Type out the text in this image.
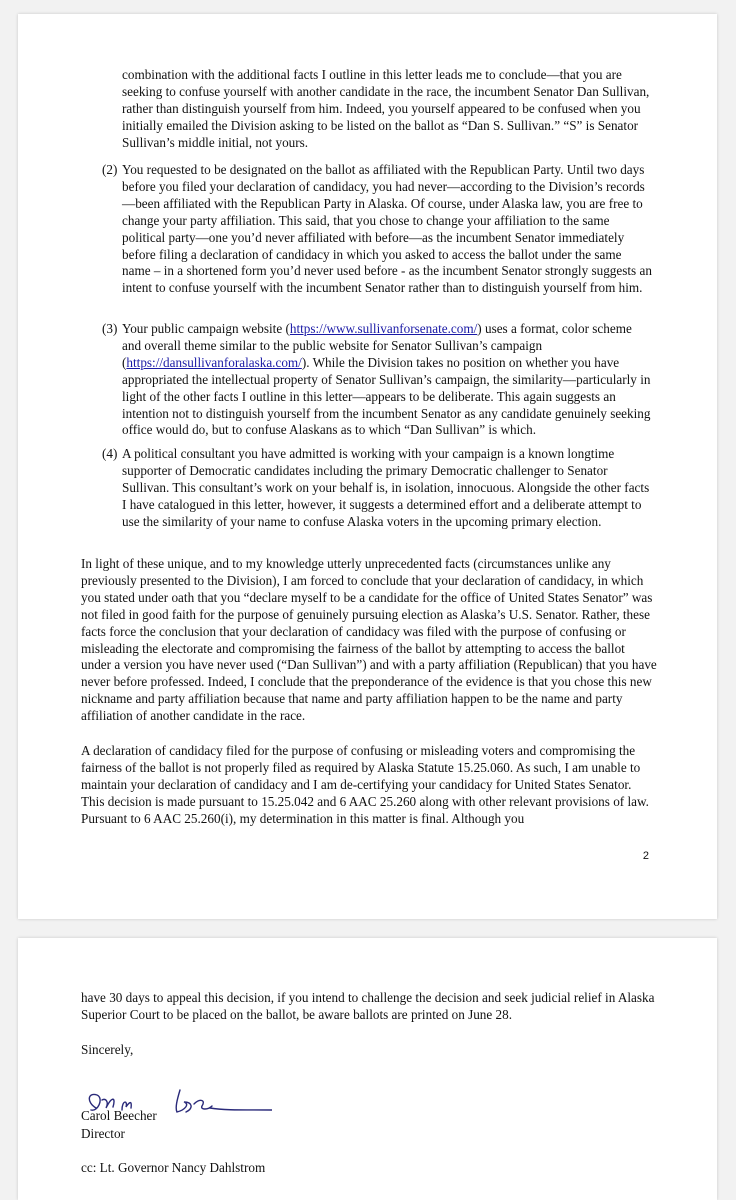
combination with the additional facts I outline in this letter leads me to conclude—that you are seeking to confuse yourself with another candidate in the race, the incumbent Senator Dan Sullivan, rather than distinguish yourself from him. Indeed, you yourself appeared to be confused when you initially emailed the Division asking to be listed on the ballot as “Dan S. Sullivan.” “S” is Senator Sullivan’s middle initial, not yours.

(2) You requested to be designated on the ballot as affiliated with the Republican Party. Until two days before you filed your declaration of candidacy, you had never—according to the Division’s records—been affiliated with the Republican Party in Alaska. Of course, under Alaska law, you are free to change your party affiliation. This said, that you chose to change your affiliation to the same political party—one you’d never affiliated with before—as the incumbent Senator immediately before filing a declaration of candidacy in which you asked to access the ballot under the same name – in a shortened form you’d never used before - as the incumbent Senator strongly suggests an intent to confuse yourself with the incumbent Senator rather than to distinguish yourself from him.

(3) Your public campaign website (https://www.sullivanforsenate.com/) uses a format, color scheme and overall theme similar to the public website for Senator Sullivan’s campaign (https://dansullivanforalaska.com/). While the Division takes no position on whether you have appropriated the intellectual property of Senator Sullivan’s campaign, the similarity—particularly in light of the other facts I outline in this letter—appears to be deliberate. This again suggests an intention not to distinguish yourself from the incumbent Senator as any candidate genuinely seeking office would do, but to confuse Alaskans as to which “Dan Sullivan” is which.

(4) A political consultant you have admitted is working with your campaign is a known longtime supporter of Democratic candidates including the primary Democratic challenger to Senator Sullivan. This consultant’s work on your behalf is, in isolation, innocuous. Alongside the other facts I have catalogued in this letter, however, it suggests a determined effort and a deliberate attempt to use the similarity of your name to confuse Alaska voters in the upcoming primary election.

In light of these unique, and to my knowledge utterly unprecedented facts (circumstances unlike any previously presented to the Division), I am forced to conclude that your declaration of candidacy, in which you stated under oath that you “declare myself to be a candidate for the office of United States Senator” was not filed in good faith for the purpose of genuinely pursuing election as Alaska’s U.S. Senator. Rather, these facts force the conclusion that your declaration of candidacy was filed with the purpose of confusing or misleading the electorate and compromising the fairness of the ballot by attempting to access the ballot under a version you have never used (“Dan Sullivan”) and with a party affiliation (Republican) that you have never before professed. Indeed, I conclude that the preponderance of the evidence is that you chose this new nickname and party affiliation because that name and party affiliation happen to be the name and party affiliation of another candidate in the race.

A declaration of candidacy filed for the purpose of confusing or misleading voters and compromising the fairness of the ballot is not properly filed as required by Alaska Statute 15.25.060. As such, I am unable to maintain your declaration of candidacy and I am de-certifying your candidacy for United States Senator. This decision is made pursuant to 15.25.042 and 6 AAC 25.260 along with other relevant provisions of law. Pursuant to 6 AAC 25.260(i), my determination in this matter is final. Although you

2

have 30 days to appeal this decision, if you intend to challenge the decision and seek judicial relief in Alaska Superior Court to be placed on the ballot, be aware ballots are printed on June 28.

Sincerely,

Carol Beecher

Director

cc: Lt. Governor Nancy Dahlstrom
